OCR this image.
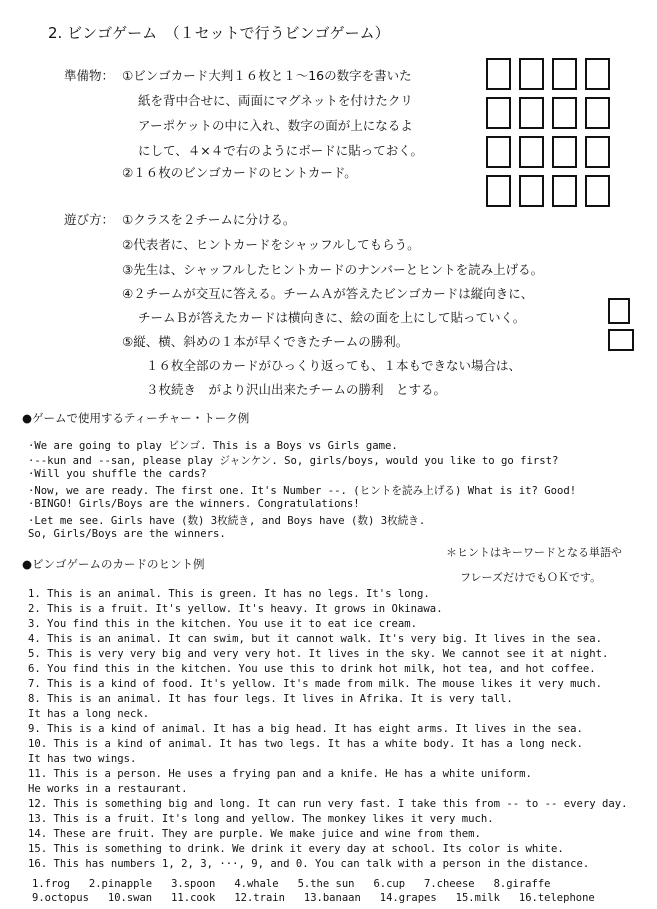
2. ビンゴゲーム　（１セットで行うビンゴゲーム）
準備物： ①ビンゴカード大判１６枚と１～16の数字を書いた
紙を背中合せに、両面にマグネットを付けたクリ
アーポケットの中に入れ、数字の面が上になるよ
にして、４×４で右のようにボードに貼っておく。
②１６枚のビンゴカードのヒントカード。
遊び方： ①クラスを２チームに分ける。
②代表者に、ヒントカードをシャッフルしてもらう。
③先生は、シャッフルしたヒントカードのナンバーとヒントを読み上げる。
④２チームが交互に答える。チームＡが答えたビンゴカードは縦向きに、
チームＢが答えたカードは横向きに、絵の面を上にして貼っていく。
⑤縦、横、斜めの１本が早くできたチームの勝利。
１６枚全部のカードがひっくり返っても、１本もできない場合は、
３枚続き　がより沢山出来たチームの勝利　とする。
●ゲームで使用するティーチャー・トーク例
·We are going to play ビンゴ. This is a Boys vs Girls game.
·--kun and --san, please play ジャンケン. So, girls/boys, would you like to go first?
·Will you shuffle the cards?
·Now, we are ready. The first one. It's Number --. (ヒントを読み上げる) What is it? Good!
·BINGO! Girls/Boys are the winners. Congratulations!
·Let me see. Girls have (数) 3枚続き, and Boys have (数) 3枚続き.
So, Girls/Boys are the winners.
●ビンゴゲームのカードのヒント例
＊ヒントはキーワードとなる単語や
フレーズだけでもＯＫです。
1. This is an animal. This is green. It has no legs. It's long.
2. This is a fruit. It's yellow. It's heavy. It grows in Okinawa.
3. You find this in the kitchen. You use it to eat ice cream.
4. This is an animal. It can swim, but it cannot walk. It's very big. It lives in the sea.
5. This is very very big and very very hot. It lives in the sky. We cannot see it at night.
6. You find this in the kitchen. You use this to drink hot milk, hot tea, and hot coffee.
7. This is a kind of food. It's yellow. It's made from milk. The mouse likes it very much.
8. This is an animal. It has four legs. It lives in Afrika. It is very tall.
It has a long neck.
9. This is a kind of animal. It has a big head. It has eight arms. It lives in the sea.
10. This is a kind of animal. It has two legs. It has a white body. It has a long neck.
It has two wings.
11. This is a person. He uses a frying pan and a knife. He has a white uniform.
He works in a restaurant.
12. This is something big and long. It can run very fast. I take this from -- to -- every day.
13. This is a fruit. It's long and yellow. The monkey likes it very much.
14. These are fruit. They are purple. We make juice and wine from them.
15. This is something to drink. We drink it every day at school. Its color is white.
16. This has numbers 1, 2, 3, ···, 9, and 0. You can talk with a person in the distance.
1.frog 2.pinapple 3.spoon 4.whale 5.the sun 6.cup 7.cheese 8.giraffe
9.octopus 10.swan 11.cook 12.train 13.banaan 14.grapes 15.milk 16.telephone
